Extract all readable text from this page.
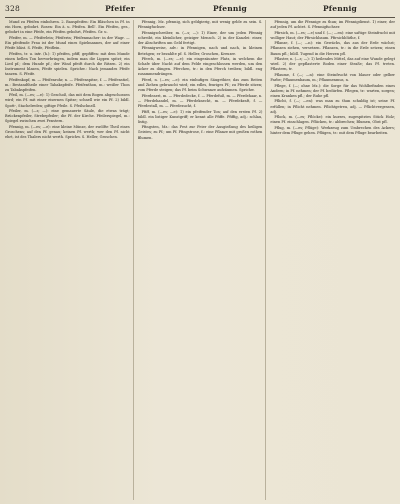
328	Pfeifer	Pfennig	Pfennig

Mund zu Pfeifen einbohren. 2. Bauspfeifen: Ein Bläschen in Pf. in ein Horn, gebohrt. Rosen: Ein ä. u. Pfeifen. Bell'. Ein Pfeifen, ges., gebohrt in eine Pfeife, ein Pfeifen gebohrt, Pfeifen. Gr. u.

Pfeifer, m. — Pfeiferlein; Pfeiferin; Pfeifenmacher: in der Wagr. — Ein pfeifende Frau ist der Mund eines Spielmannes, der auf einer Pfeife bläst. S. Pfeife, Pfeiflein.

Pfeifen, tr. u. intr. (h.): 1) pfeifen, pfiff, gepfiffen: mit dem Munde einen hellen Ton hervorbringen, indem man die Lippen spitzt; ein Lied pf.; dem Hunde pf.; der Wind pfeift durch die Ritzen. 2) ein Instrument blasen, Pfeife spielen. Sprichw.: Nach jemandes Pfeife tanzen. S. Pfeife.

Pfeifenkopf, m. — Pfeifenrohr, n. — Pfeifenspitze, f. — Pfeifenstiel, m.: Bestandtheile einer Tabakspfeife. Pfeifenthon, m.: weißer Thon zu Tabakspfeifen.

Pfeil, m. (—es; —e): 1) Geschoß, das mit dem Bogen abgeschossen wird; ein Pf. mit einer eisernen Spitze; schnell wie ein Pf. 2) bildl. Spott-, Stachelreden; giftige Pfeile. S. Pfeilschnell.

Pfeiler, m. (—s; —): eine gemauerte Säule, die etwas trägt; Brückenpfeiler, Strebepfeiler; die Pf. der Kirche. Pfeilerspiegel, m.: Spiegel zwischen zwei Fenstern.

Pfennig, m. (—es; —e): eine kleine Münze, der zwölfte Theil eines Groschens; auf den Pf. genau; keinen Pf. werth; wer den Pf. nicht ehrt, ist des Thalers nicht werth. Sprichw. S. Heller, Groschen.

Pfennig, Mz. pfennig, sich geldgierig, mit wenig gelde zu sein. S. Pfennigfuchser.

Pfennigschreiber, m. (—s; —): 1) Einer, der um jeden Pfennig schreibt, ein kleinlicher, geiziger Mensch. 2) in der Kanzlei: einer, der Abschriften um Geld fertigt.

Pfennigweise, adv.: in Pfennigen, nach und nach, in kleinen Beträgen; er bezahlte pf. S. Heller, Groschen, Kreuzer.

Pferch, m. (—es; —e): ein eingezäunter Platz, in welchem die Schafe über Nacht auf dem Felde eingeschlossen werden, um den Acker zu düngen. Pferchen, tr.: in den Pferch treiben; bildl. eng zusammendrängen.

Pferd, n. (—es; —e): ein einhufiges Säugethier, das zum Reiten und Ziehen gebraucht wird; ein edles, feuriges Pf.; zu Pferde sitzen; vom Pferde steigen; das Pf. beim Schwanze aufzäumen. Sprichw.

Pferdearzt, m. — Pferdedecke, f. — Pferdefuß, m. — Pferdehaar, n. — Pferdehandel, m. — Pferdeknecht, m. — Pferdekraft, f. — Pferdestall, m. — Pferdezucht, f.

Pfiff, m. (—es; —e): 1) ein pfeifender Ton; auf den ersten Pf. 2) bildl. ein listiger Kunstgriff; er kennt alle Pfiffe. Pfiffig, adj.: schlau, listig.

Pfingsten, Mz.: das Fest zur Feier der Ausgießung des heiligen Geistes; zu Pf.; um Pf. Pfingstrose, f.: eine Pflanze mit großen rothen Blumen.

Pfennig, um die Pfennige zu thun; im Pfennigdienst. 1) einer, der auf jeden Pf. achtet. S. Pfennigfuchser.

Pfirsich, m. (—es; —e) und f. (—; —en): eine saftige Steinfrucht mit wolliger Haut; der Pfirsichbaum. Pfirsichblüthe, f.

Pflanze, f. (—; —n): ein Gewächs, das aus der Erde wächst; Pflanzen ziehen, versetzen. Pflanzen, tr.: in die Erde setzen; einen Baum pfl.; bildl. Tugend in die Herzen pfl.

Pflaster, n. (—s; —): 1) heilendes Mittel, das auf eine Wunde gelegt wird. 2) der gepflasterte Boden einer Straße; das Pf. treten. Pflastern, tr.

Pflaume, f. (—; —n): eine Steinfrucht von blauer oder gelber Farbe; Pflaumenbaum, m.; Pflaumenmus, n.

Pflege, f. (—; ohne Mz.): die Sorge für das Wohlbefinden eines Andern; in Pf. nehmen; der Pf. bedürfen. Pflegen, tr.: warten, sorgen; einen Kranken pfl.; der Ruhe pfl.

Pflicht, f. (—; —en): was man zu thun schuldig ist; seine Pf. erfüllen; in Pflicht nehmen. Pflichtgetreu, adj. — Pflichtvergessen, adj.

Pflock, m. (—es; Pflöcke): ein kurzes, zugespitztes Stück Holz; einen Pf. einschlagen. Pflücken, tr.: abbrechen; Blumen, Obst pfl.

Pflug, m. (—es; Pflüge): Werkzeug zum Umbrechen des Ackers; hinter dem Pfluge gehen. Pflügen, tr.: mit dem Pfluge bearbeiten.
